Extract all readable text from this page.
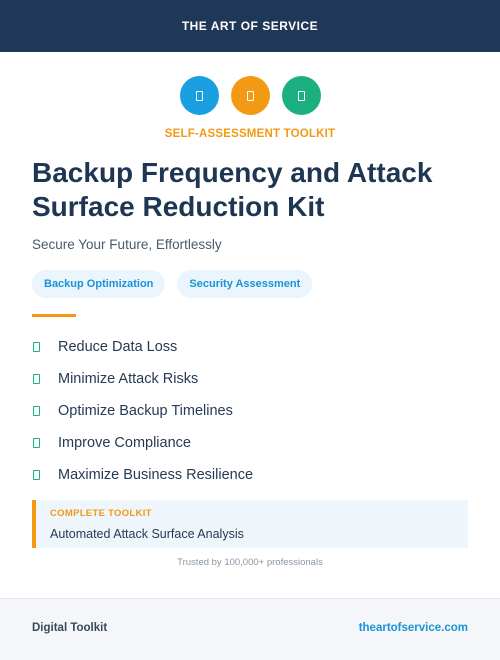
THE ART OF SERVICE
SELF-ASSESSMENT TOOLKIT
Backup Frequency and Attack Surface Reduction Kit
Secure Your Future, Effortlessly
Backup Optimization	Security Assessment
Reduce Data Loss
Minimize Attack Risks
Optimize Backup Timelines
Improve Compliance
Maximize Business Resilience
COMPLETE TOOLKIT
Automated Attack Surface Analysis
Trusted by 100,000+ professionals
Digital Toolkit	theartofservice.com
